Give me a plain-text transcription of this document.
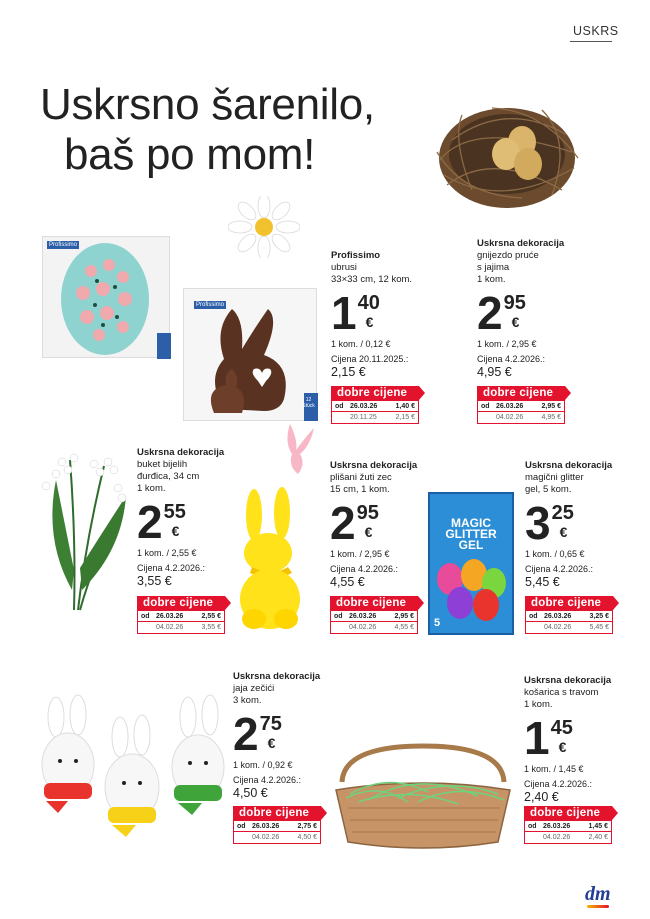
USKRS
Uskrsno šarenilo,
baš po mom!
Profissimo
Profissimo
12 Stück
MAGIC GLITTER GEL
5
Profissimo
ubrusi
33×33 cm, 12 kom.
1 40
€
1 kom. / 0,12 €
Cijena 20.11.2025.:
2,15 €
dobre cijene
od 26.03.26	1,40 €
20.11.25	2,15 €
Uskrsna dekoracija
gnijezdo pruće
s jajima
1 kom.
2 95
€
1 kom. / 2,95 €
Cijena 4.2.2026.:
4,95 €
dobre cijene
od 26.03.26	2,95 €
04.02.26	4,95 €
Uskrsna dekoracija
buket bijelih
đurđica, 34 cm
1 kom.
2 55
€
1 kom. / 2,55 €
Cijena 4.2.2026.:
3,55 €
dobre cijene
od 26.03.26	2,55 €
04.02.26	3,55 €
Uskrsna dekoracija
plišani žuti zec
15 cm, 1 kom.
2 95
€
1 kom. / 2,95 €
Cijena 4.2.2026.:
4,55 €
dobre cijene
od 26.03.26	2,95 €
04.02.26	4,55 €
Uskrsna dekoracija
magični glitter
gel, 5 kom.
3 25
€
1 kom. / 0,65 €
Cijena 4.2.2026.:
5,45 €
dobre cijene
od 26.03.26	3,25 €
04.02.26	5,45 €
Uskrsna dekoracija
jaja zečići
3 kom.
2 75
€
1 kom. / 0,92 €
Cijena 4.2.2026.:
4,50 €
dobre cijene
od 26.03.26	2,75 €
04.02.26	4,50 €
Uskrsna dekoracija
košarica s travom
1 kom.
1 45
€
1 kom. / 1,45 €
Cijena 4.2.2026.:
2,40 €
dobre cijene
od 26.03.26	1,45 €
04.02.26	2,40 €
dm
